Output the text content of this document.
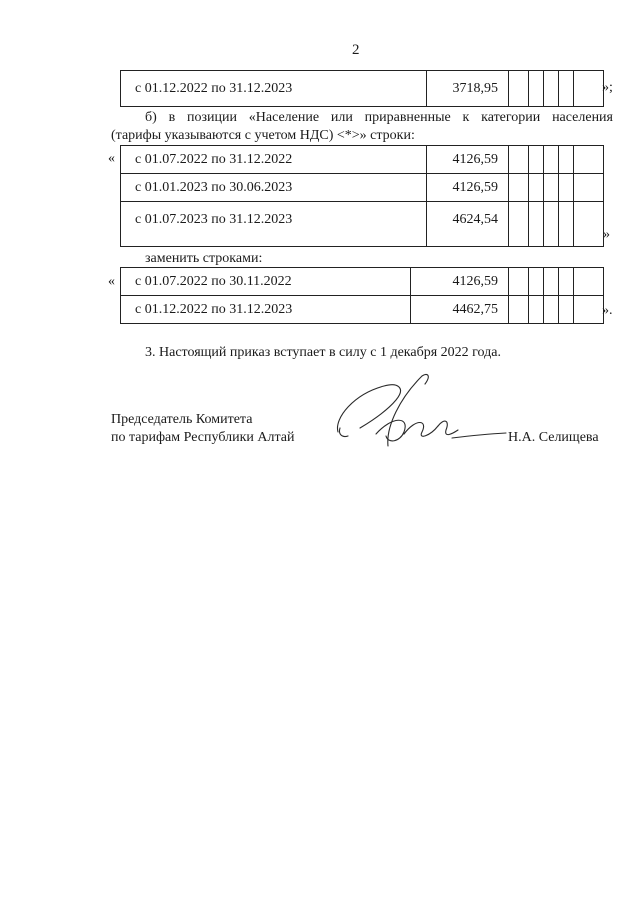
2
с 01.12.2022 по 31.12.2023	3718,95						»;
б) в позиции «Население или приравненные к категории населения
(тарифы указываются с учетом НДС) <*>» строки:
« с 01.07.2022 по 31.12.2022	4126,59					
с 01.01.2023 по 30.06.2023	4126,59					
с 01.07.2023 по 31.12.2023	4624,54					
»
заменить строками:
« с 01.07.2022 по 30.11.2022	4126,59					
с 01.12.2022 по 31.12.2023	4462,75						».
3. Настоящий приказ вступает в силу с 1 декабря 2022 года.
Председатель Комитета
по тарифам Республики Алтай	Н.А. Селищева
